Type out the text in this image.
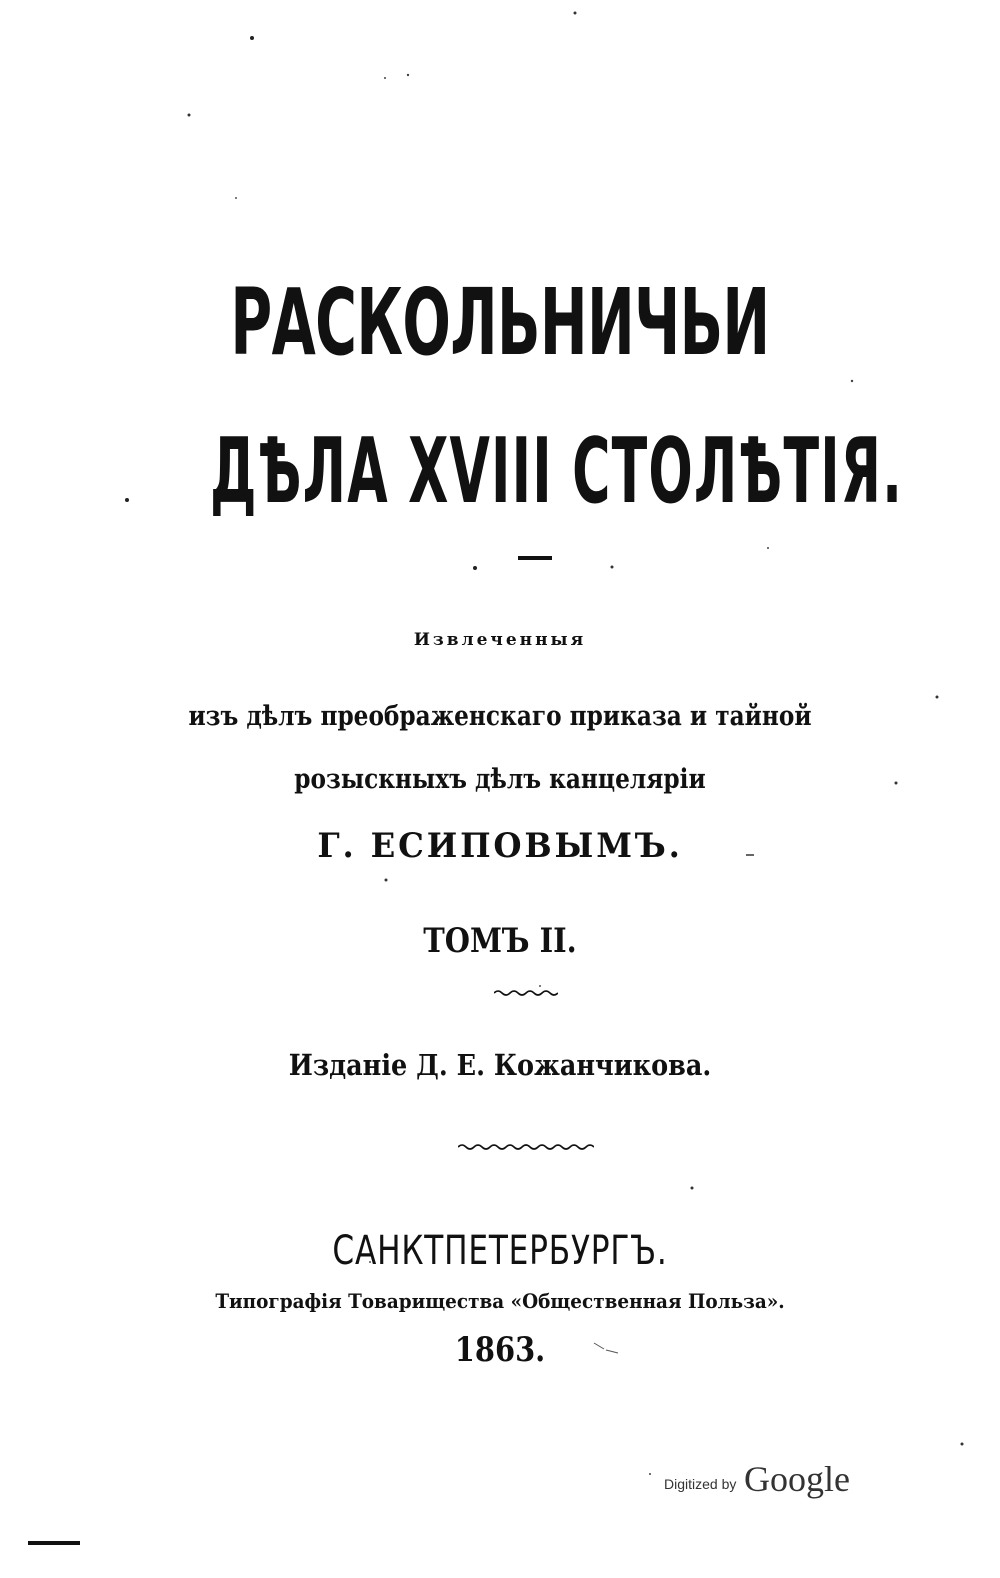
РАСКОЛЬНИЧЬИ
ДѢЛА XVIII СТОЛѢТІЯ.
Извлеченныя
изъ дѣлъ преображенскаго приказа и тайной
розыскныхъ дѣлъ канцеляріи
Г. ЕСИПОВЫМЪ.
ТОМЪ II.
Изданіе Д. Е. Кожанчикова.
САНКТПЕТЕРБУРГЪ.
Типографія Товарищества «Общественная Польза».
1863.
Digitized by Google
